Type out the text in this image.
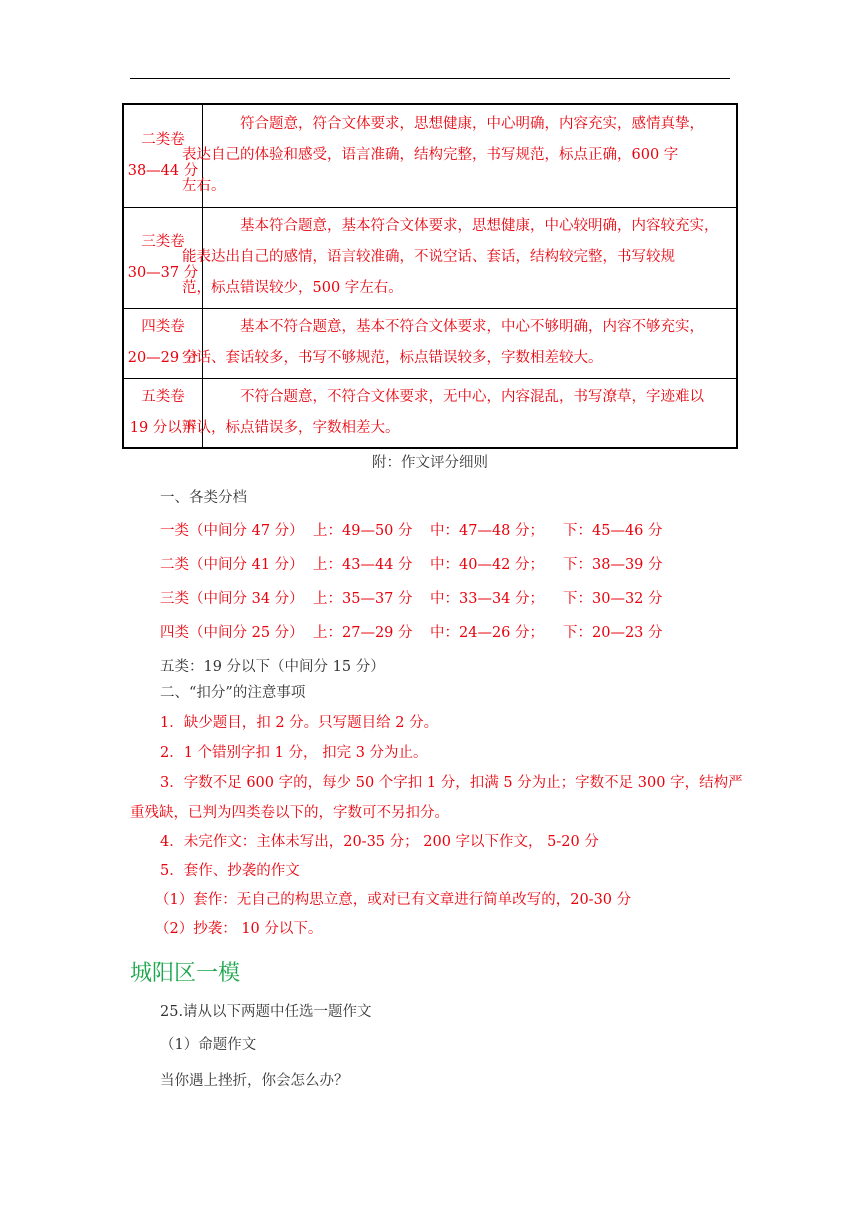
二类卷
38—44 分	符合题意，符合文体要求，思想健康，中心明确，内容充实，感情真挚，
表达自己的体验和感受，语言准确，结构完整，书写规范，标点正确，600 字
左右。

三类卷
30—37 分	基本符合题意，基本符合文体要求，思想健康，中心较明确，内容较充实，
能表达出自己的感情，语言较准确，不说空话、套话，结构较完整，书写较规
范，标点错误较少，500 字左右。

四类卷
20—29 分	基本不符合题意，基本不符合文体要求，中心不够明确，内容不够充实，
空话、套话较多，书写不够规范，标点错误较多，字数相差较大。

五类卷
19 分以下	不符合题意，不符合文体要求，无中心，内容混乱，书写潦草，字迹难以
辨认，标点错误多，字数相差大。
附：作文评分细则
一、各类分档
一类（中间分 47 分） 上：49—50 分 中：47—48 分； 下：45—46 分
二类（中间分 41 分） 上：43—44 分 中：40—42 分； 下：38—39 分
三类（中间分 34 分） 上：35—37 分 中：33—34 分； 下：30—32 分
四类（中间分 25 分） 上：27—29 分 中：24—26 分； 下：20—23 分
五类：19 分以下（中间分 15 分）
二、“扣分”的注意事项
1．缺少题目，扣 2 分。只写题目给 2 分。
2．1 个错别字扣 1 分， 扣完 3 分为止。
3．字数不足 600 字的，每少 50 个字扣 1 分，扣满 5 分为止；字数不足 300 字，结构严
重残缺，已判为四类卷以下的，字数可不另扣分。
4．未完作文：主体未写出，20-35 分； 200 字以下作文， 5-20 分
5．套作、抄袭的作文
（1）套作：无自己的构思立意，或对已有文章进行简单改写的，20-30 分
（2）抄袭： 10 分以下。
城阳区一模
25.请从以下两题中任选一题作文
（1）命题作文
当你遇上挫折，你会怎么办？
